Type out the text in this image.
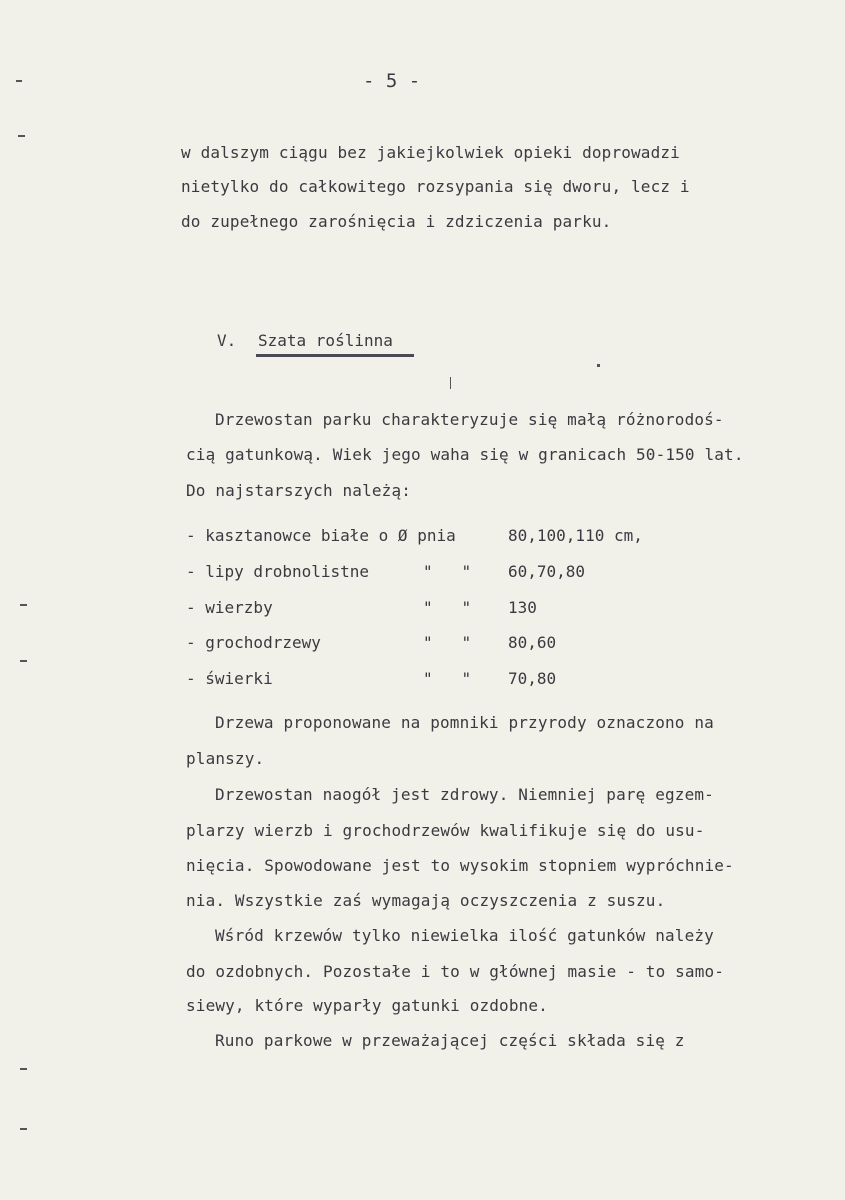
- 5 -
w dalszym ciągu bez jakiejkolwiek opieki doprowadzi
nietylko do całkowitego rozsypania się dworu, lecz i
do zupełnego zarośnięcia i zdziczenia parku.
V. Szata roślinna
Drzewostan parku charakteryzuje się małą różnorodoś-
cią gatunkową. Wiek jego waha się w granicach 50-150 lat.
Do najstarszych należą:
- kasztanowce białe o Ø pnia	80,100,110 cm,
- lipy drobnolistne	"   " 60,70,80
- wierzby	"   " 130
- grochodrzewy	"   " 80,60
- świerki	"   " 70,80
Drzewa proponowane na pomniki przyrody oznaczono na
planszy.
Drzewostan naogół jest zdrowy. Niemniej parę egzem-
plarzy wierzb i grochodrzewów kwalifikuje się do usu-
nięcia. Spowodowane jest to wysokim stopniem wypróchnie-
nia. Wszystkie zaś wymagają oczyszczenia z suszu.
Wśród krzewów tylko niewielka ilość gatunków należy
do ozdobnych. Pozostałe i to w głównej masie - to samo-
siewy, które wyparły gatunki ozdobne.
Runo parkowe w przeważającej części składa się z
